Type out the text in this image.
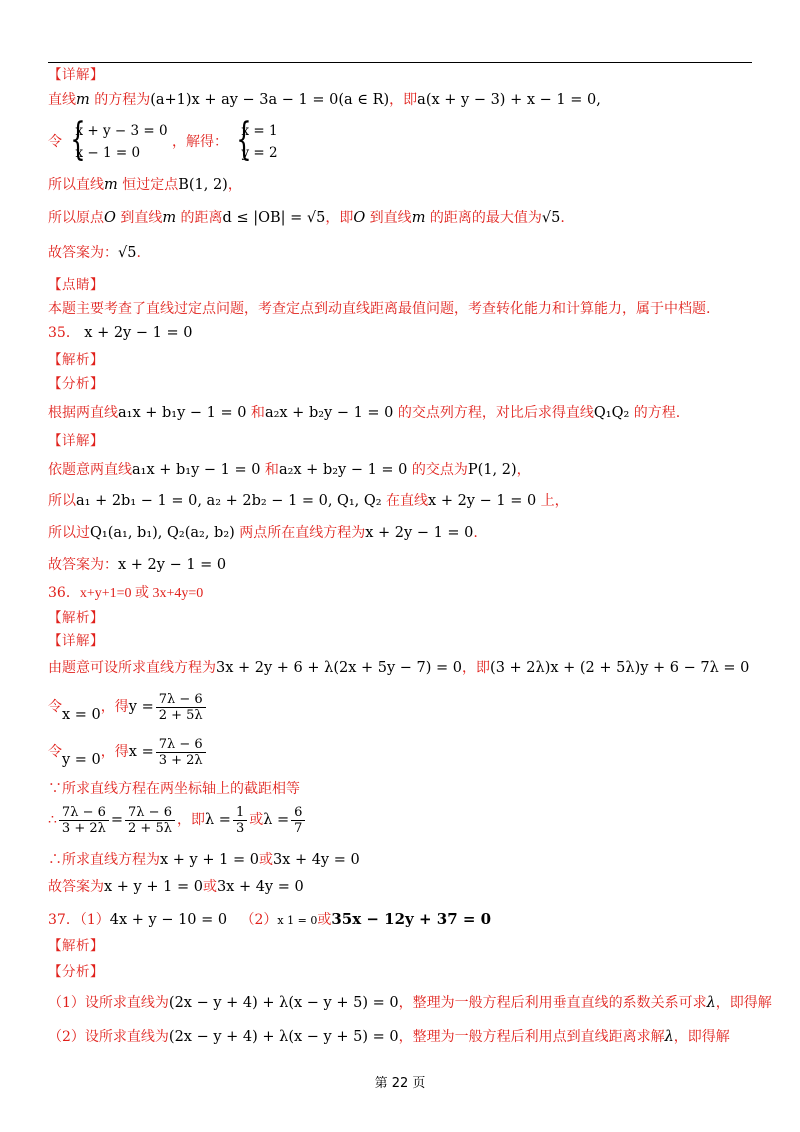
【详解】
直线m 的方程为(a+1)x + ay − 3a − 1 = 0(a ∈ R)，即a(x + y − 3) + x − 1 = 0,
令
{ x + y − 3 = 0
x − 1 = 0
，解得：
{ x = 1
y = 2
所以直线m 恒过定点B(1, 2)，
所以原点O 到直线m 的距离d ≤ |OB| = √5，即O 到直线m 的距离的最大值为√5.
故答案为：√5.
【点睛】
本题主要考查了直线过定点问题，考查定点到动直线距离最值问题，考查转化能力和计算能力，属于中档题.
35． x + 2y − 1 = 0
【解析】
【分析】
根据两直线a₁x + b₁y − 1 = 0 和a₂x + b₂y − 1 = 0 的交点列方程，对比后求得直线Q₁Q₂ 的方程.
【详解】
依题意两直线a₁x + b₁y − 1 = 0 和a₂x + b₂y − 1 = 0 的交点为P(1, 2)，
所以a₁ + 2b₁ − 1 = 0, a₂ + 2b₂ − 1 = 0, Q₁, Q₂ 在直线x + 2y − 1 = 0 上，
所以过Q₁(a₁, b₁), Q₂(a₂, b₂) 两点所在直线方程为x + 2y − 1 = 0.
故答案为：x + 2y − 1 = 0
36．x+y+1=0 或 3x+4y=0
【解析】
【详解】
由题意可设所求直线方程为3x + 2y + 6 + λ(2x + 5y − 7) = 0，即(3 + 2λ)x + (2 + 5λ)y + 6 − 7λ = 0
令x = 0，得$y = \frac{7\lambda - 6}{2 + 5\lambda}$
令y = 0，得$x = \frac{7\lambda - 6}{3 + 2\lambda}$
∵所求直线方程在两坐标轴上的截距相等
∴ $\frac{7\lambda - 6}{3 + 2\lambda} = \frac{7\lambda - 6}{2 + 5\lambda}$ ，即$\lambda = \frac{1}{3}$ 或$\lambda = \frac{6}{7}$
∴所求直线方程为x + y + 1 = 0或3x + 4y = 0
故答案为x + y + 1 = 0或3x + 4y = 0
37．（1）4x + y − 10 = 0 （2）x 1 = 0或35x − 12y + 37 = 0
【解析】
【分析】
（1）设所求直线为(2x − y + 4) + λ(x − y + 5) = 0，整理为一般方程后利用垂直直线的系数关系可求λ，即得解
（2）设所求直线为(2x − y + 4) + λ(x − y + 5) = 0，整理为一般方程后利用点到直线距离求解λ，即得解
第 22 页
